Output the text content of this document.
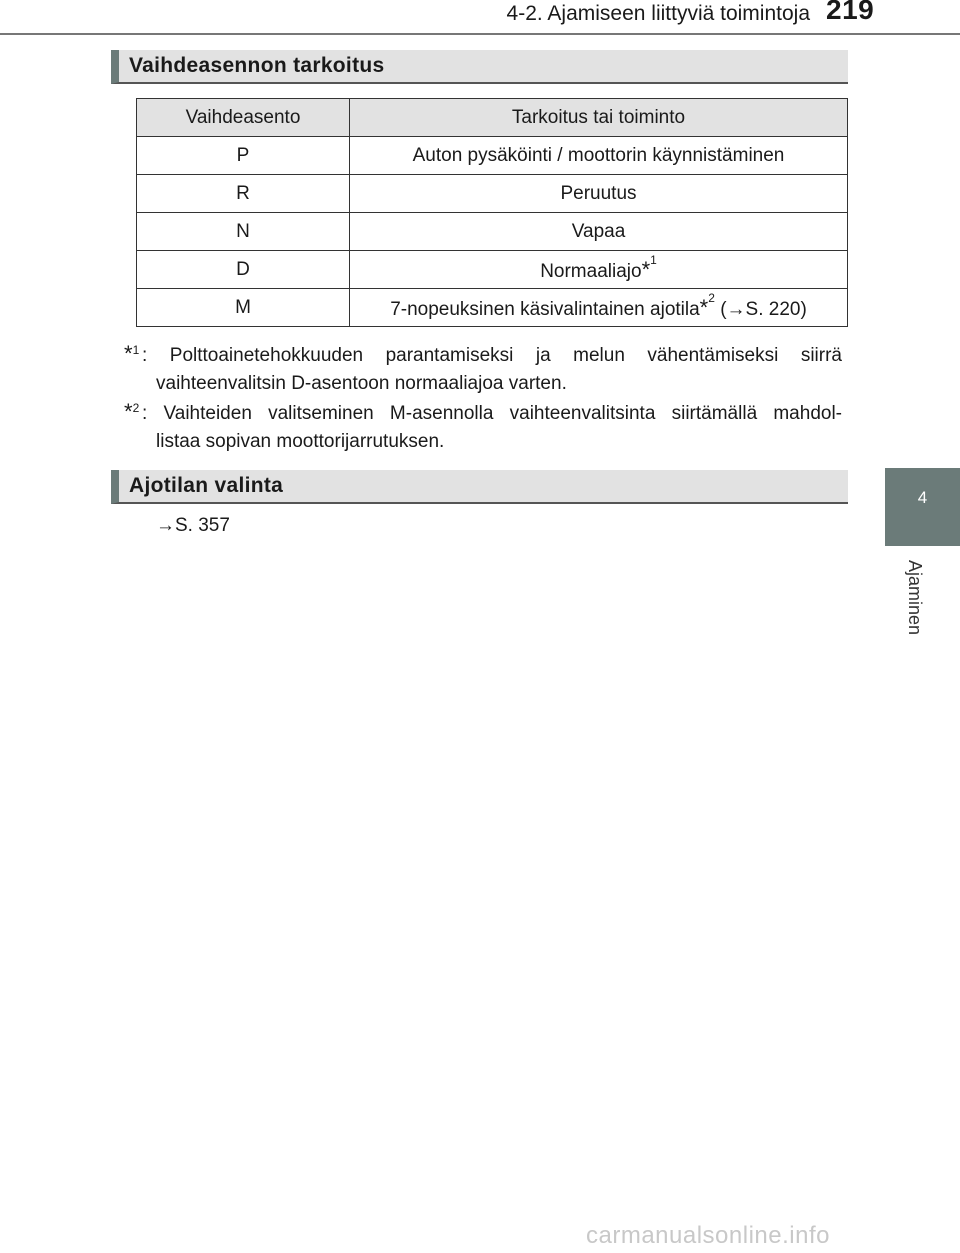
4-2. Ajamiseen liittyviä toimintoja 219
4
Ajaminen
Vaihdeasennon tarkoitus
Vaihdeasento	Tarkoitus tai toiminto
P	Auton pysäköinti / moottorin käynnistäminen
R	Peruutus
N	Vapaa
D	Normaaliajo*$^1$
M	7-nopeuksinen käsivalintainen ajotila*$^2$ (→S. 220)
*$^1$ : Polttoainetehokkuuden parantamiseksi ja melun vähentämiseksi siirrä
vaihteenvalitsin D-asentoon normaaliajoa varten.
*$^2$ : Vaihteiden valitseminen M-asennolla vaihteenvalitsinta siirtämällä mahdol-
listaa sopivan moottorijarrutuksen.
Ajotilan valinta
→S. 357
carmanualsonline.info
